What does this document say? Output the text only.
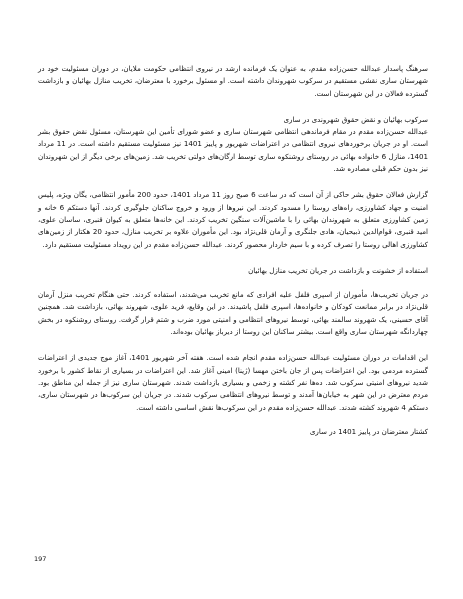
سرهنگ پاسدار عبدالله حسن‌زاده مقدم، به عنوان یک فرمانده ارشد در نیروی انتظامی حکومت ملایان، در دوران مسئولیت خود در شهرستان ساری نقشی مستقیم در سرکوب شهروندان داشته است. او مسئول برخورد با معترضان، تخریب منازل بهائیان و بازداشت گسترده فعالان در این شهرستان است.

سرکوب بهائیان و نقض حقوق شهروندی در ساری

عبدالله حسن‌زاده مقدم در مقام فرماندهی انتظامی شهرستان ساری و عضو شورای تأمین این شهرستان، مسئول نقض حقوق بشر است. او در جریان برخوردهای نیروی انتظامی در اعتراضات شهریور و پاییز 1401 نیز مسئولیت مستقیم داشته است. در 11 مرداد 1401، منازل 6 خانواده بهائی در روستای روشنکوه ساری توسط ارگان‌های دولتی تخریب شد. زمین‌های برخی دیگر از این شهروندان نیز بدون حکم قبلی مصادره شد.

گزارش فعالان حقوق بشر حاکی از آن است که در ساعت 6 صبح روز 11 مرداد 1401، حدود 200 مأمور انتظامی، یگان ویژه، پلیس امنیت و جهاد کشاورزی، راه‌های روستا را مسدود کردند. این نیروها از ورود و خروج ساکنان جلوگیری کردند. آنها دستکم 6 خانه و زمین کشاورزی متعلق به شهروندان بهائی را با ماشین‌آلات سنگین تخریب کردند. این خانه‌ها متعلق به کیوان قنبری، ساسان علوی، امید قنبری، قوام‌الدین ذبیحیان، هادی جلنگری و آرمان قلی‌نژاد بود. این مأموران علاوه بر تخریب منازل، حدود 20 هکتار از زمین‌های کشاورزی اهالی روستا را تصرف کرده و با سیم خاردار محصور کردند. عبدالله حسن‌زاده مقدم در این رویداد مسئولیت مستقیم دارد.

استفاده از خشونت و بازداشت در جریان تخریب منازل بهائیان

در جریان تخریب‌ها، مأموران از اسپری فلفل علیه افرادی که مانع تخریب می‌شدند، استفاده کردند. حتی هنگام تخریب منزل آرمان قلی‌نژاد در برابر ممانعت کودکان و خانواده‌ها، اسپری فلفل پاشیدند. در این وقایع، فرید علوی، شهروند بهائی، بازداشت شد. همچنین آقای حسینی، یک شهروند سالمند بهائی، توسط نیروهای انتظامی و امنیتی مورد ضرب و شتم قرار گرفت. روستای روشنکوه در بخش چهاردانگه شهرستان ساری واقع است. بیشتر ساکنان این روستا از دیرباز بهائیان بوده‌اند.

این اقدامات در دوران مسئولیت عبدالله حسن‌زاده مقدم انجام شده است. هفته آخر شهریور 1401، آغاز موج جدیدی از اعتراضات گسترده مردمی بود. این اعتراضات پس از جان باختن مهسا (ژینا) امینی آغاز شد. این اعتراضات در بسیاری از نقاط کشور با برخورد شدید نیروهای امنیتی سرکوب شد. ده‌ها نفر کشته و زخمی و بسیاری بازداشت شدند. شهرستان ساری نیز از جمله این مناطق بود. مردم معترض در این شهر به خیابان‌ها آمدند و توسط نیروهای انتظامی سرکوب شدند. در جریان این سرکوب‌ها در شهرستان ساری، دستکم 4 شهروند کشته شدند. عبدالله حسن‌زاده مقدم در این سرکوب‌ها نقش اساسی داشته است.

کشتار معترضان در پاییز 1401 در ساری

197
